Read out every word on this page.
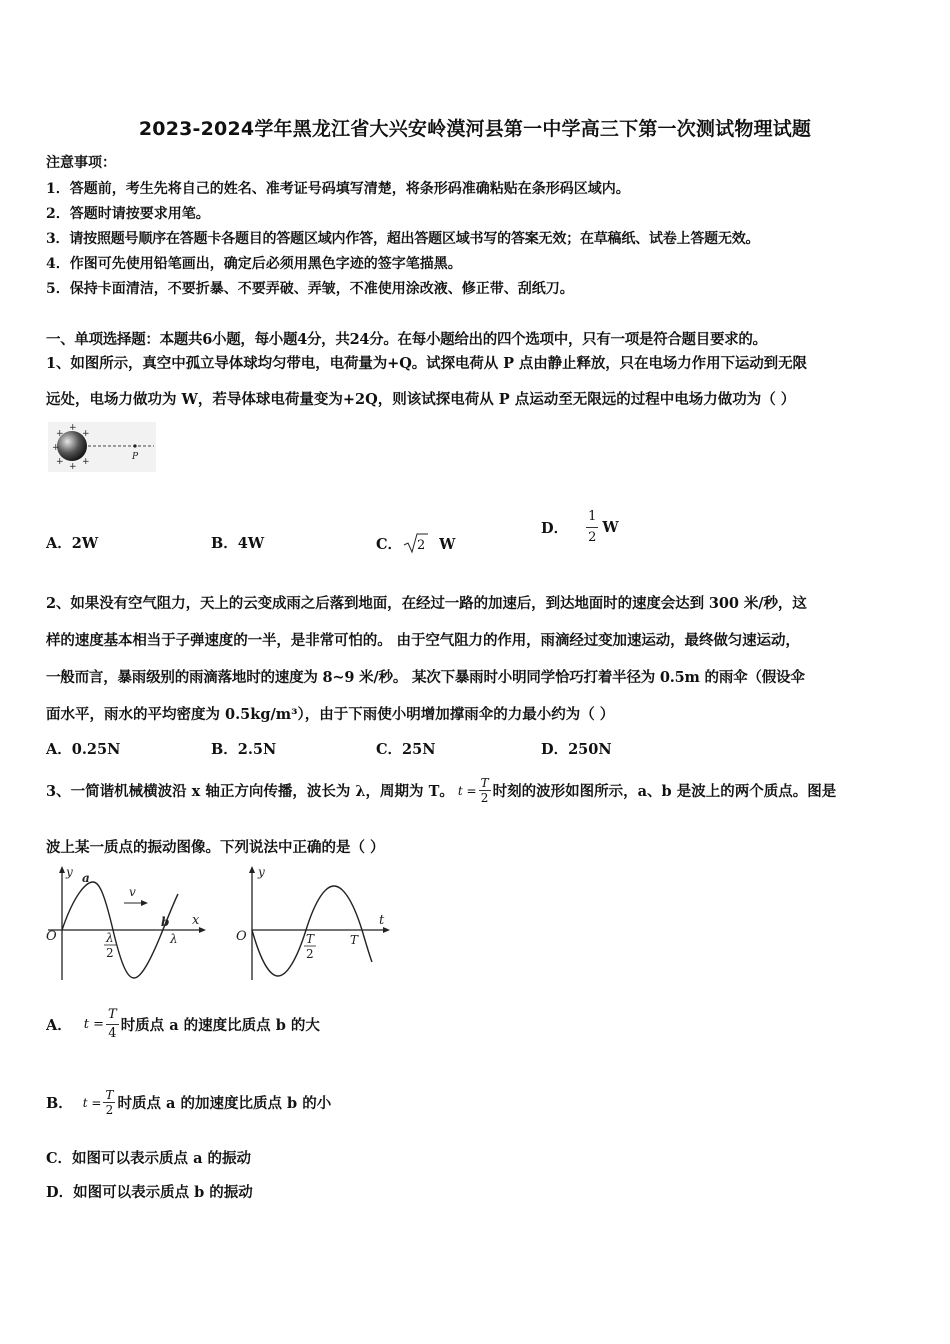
2023-2024学年黑龙江省大兴安岭漠河县第一中学高三下第一次测试物理试题
注意事项：
1．答题前，考生先将自己的姓名、准考证号码填写清楚，将条形码准确粘贴在条形码区域内。
2．答题时请按要求用笔。
3．请按照题号顺序在答题卡各题目的答题区域内作答，超出答题区域书写的答案无效；在草稿纸、试卷上答题无效。
4．作图可先使用铅笔画出，确定后必须用黑色字迹的签字笔描黑。
5．保持卡面清洁，不要折暴、不要弄破、弄皱，不准使用涂改液、修正带、刮纸刀。
一、单项选择题：本题共6小题，每小题4分，共24分。在每小题给出的四个选项中，只有一项是符合题目要求的。
1、如图所示，真空中孤立导体球均匀带电，电荷量为+Q。试探电荷从 P 点由静止释放，只在电场力作用下运动到无限
远处，电场力做功为 W，若导体球电荷量变为+2Q，则该试探电荷从 P 点运动至无限远的过程中电场力做功为（ ）
+
+ +
+
+ +
+
P
A．2W	B．4W	C． 2 W
D． $\frac{1}{2}$ W
2、如果没有空气阻力，天上的云变成雨之后落到地面，在经过一路的加速后，到达地面时的速度会达到 300 米/秒，这
样的速度基本相当于子弹速度的一半，是非常可怕的。 由于空气阻力的作用，雨滴经过变加速运动，最终做匀速运动，
一般而言，暴雨级别的雨滴落地时的速度为 8~9 米/秒。 某次下暴雨时小明同学恰巧打着半径为 0.5m 的雨伞（假设伞
面水平，雨水的平均密度为 0.5kg/m³），由于下雨使小明增加撑雨伞的力最小约为（ ）
A．0.25N	B．2.5N	C．25N	D．250N
3、一简谐机械横波沿 x 轴正方向传播，波长为 λ，周期为 T。 $t = \frac{T}{2}$ 时刻的波形如图所示，a、b 是波上的两个质点。图是
波上某一质点的振动图像。下列说法中正确的是（ ）
y a
v
b x
O	λ
2
λ
y
t
O	T
2
T
A． $t = \frac{T}{4}$ 时质点 a 的速度比质点 b 的大
B． $t = \frac{T}{2}$ 时质点 a 的加速度比质点 b 的小
C．如图可以表示质点 a 的振动
D．如图可以表示质点 b 的振动
